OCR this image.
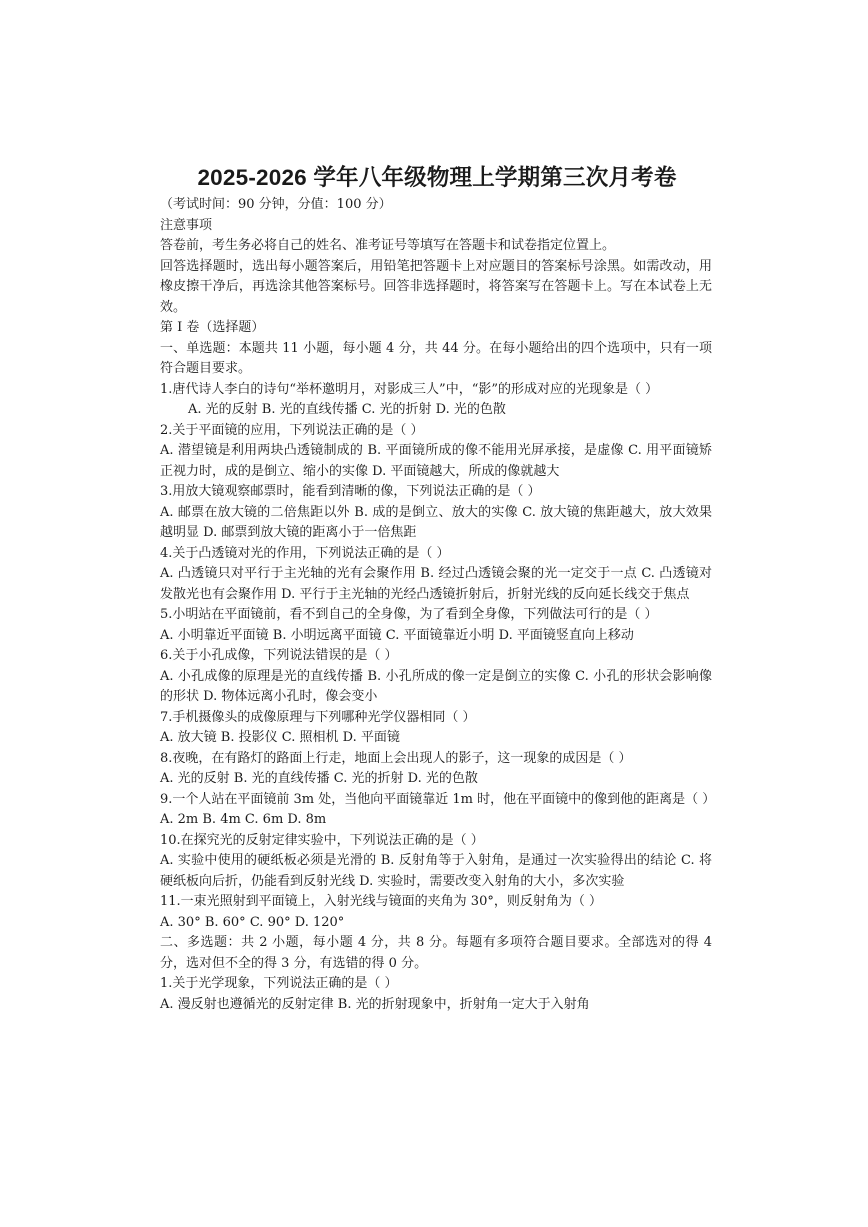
2025-2026 学年八年级物理上学期第三次月考卷
（考试时间：90 分钟，分值：100 分）
注意事项
答卷前，考生务必将自己的姓名、准考证号等填写在答题卡和试卷指定位置上。
回答选择题时，选出每小题答案后，用铅笔把答题卡上对应题目的答案标号涂黑。如需改动，用橡皮擦干净后，再选涂其他答案标号。回答非选择题时，将答案写在答题卡上。写在本试卷上无效。
第 Ⅰ 卷（选择题）
一、单选题：本题共 11 小题，每小题 4 分，共 44 分。在每小题给出的四个选项中，只有一项符合题目要求。
1.唐代诗人李白的诗句“举杯邀明月，对影成三人”中，“影”的形成对应的光现象是（ ）
A. 光的反射 B. 光的直线传播 C. 光的折射 D. 光的色散
2.关于平面镜的应用，下列说法正确的是（ ）
A. 潜望镜是利用两块凸透镜制成的 B. 平面镜所成的像不能用光屏承接，是虚像 C. 用平面镜矫正视力时，成的是倒立、缩小的实像 D. 平面镜越大，所成的像就越大
3.用放大镜观察邮票时，能看到清晰的像，下列说法正确的是（ ）
A. 邮票在放大镜的二倍焦距以外 B. 成的是倒立、放大的实像 C. 放大镜的焦距越大，放大效果越明显 D. 邮票到放大镜的距离小于一倍焦距
4.关于凸透镜对光的作用，下列说法正确的是（ ）
A. 凸透镜只对平行于主光轴的光有会聚作用 B. 经过凸透镜会聚的光一定交于一点 C. 凸透镜对发散光也有会聚作用 D. 平行于主光轴的光经凸透镜折射后，折射光线的反向延长线交于焦点
5.小明站在平面镜前，看不到自己的全身像，为了看到全身像，下列做法可行的是（ ）
A. 小明靠近平面镜 B. 小明远离平面镜 C. 平面镜靠近小明 D. 平面镜竖直向上移动
6.关于小孔成像，下列说法错误的是（ ）
A. 小孔成像的原理是光的直线传播 B. 小孔所成的像一定是倒立的实像 C. 小孔的形状会影响像的形状 D. 物体远离小孔时，像会变小
7.手机摄像头的成像原理与下列哪种光学仪器相同（ ）
A. 放大镜 B. 投影仪 C. 照相机 D. 平面镜
8.夜晚，在有路灯的路面上行走，地面上会出现人的影子，这一现象的成因是（ ）
A. 光的反射 B. 光的直线传播 C. 光的折射 D. 光的色散
9.一个人站在平面镜前 3m 处，当他向平面镜靠近 1m 时，他在平面镜中的像到他的距离是（ ）
A. 2m B. 4m C. 6m D. 8m
10.在探究光的反射定律实验中，下列说法正确的是（ ）
A. 实验中使用的硬纸板必须是光滑的 B. 反射角等于入射角，是通过一次实验得出的结论 C. 将硬纸板向后折，仍能看到反射光线 D. 实验时，需要改变入射角的大小，多次实验
11.一束光照射到平面镜上，入射光线与镜面的夹角为 30°，则反射角为（ ）
A. 30° B. 60° C. 90° D. 120°
二、多选题：共 2 小题，每小题 4 分，共 8 分。每题有多项符合题目要求。全部选对的得 4 分，选对但不全的得 3 分，有选错的得 0 分。
1.关于光学现象，下列说法正确的是（ ）
A. 漫反射也遵循光的反射定律 B. 光的折射现象中，折射角一定大于入射角
